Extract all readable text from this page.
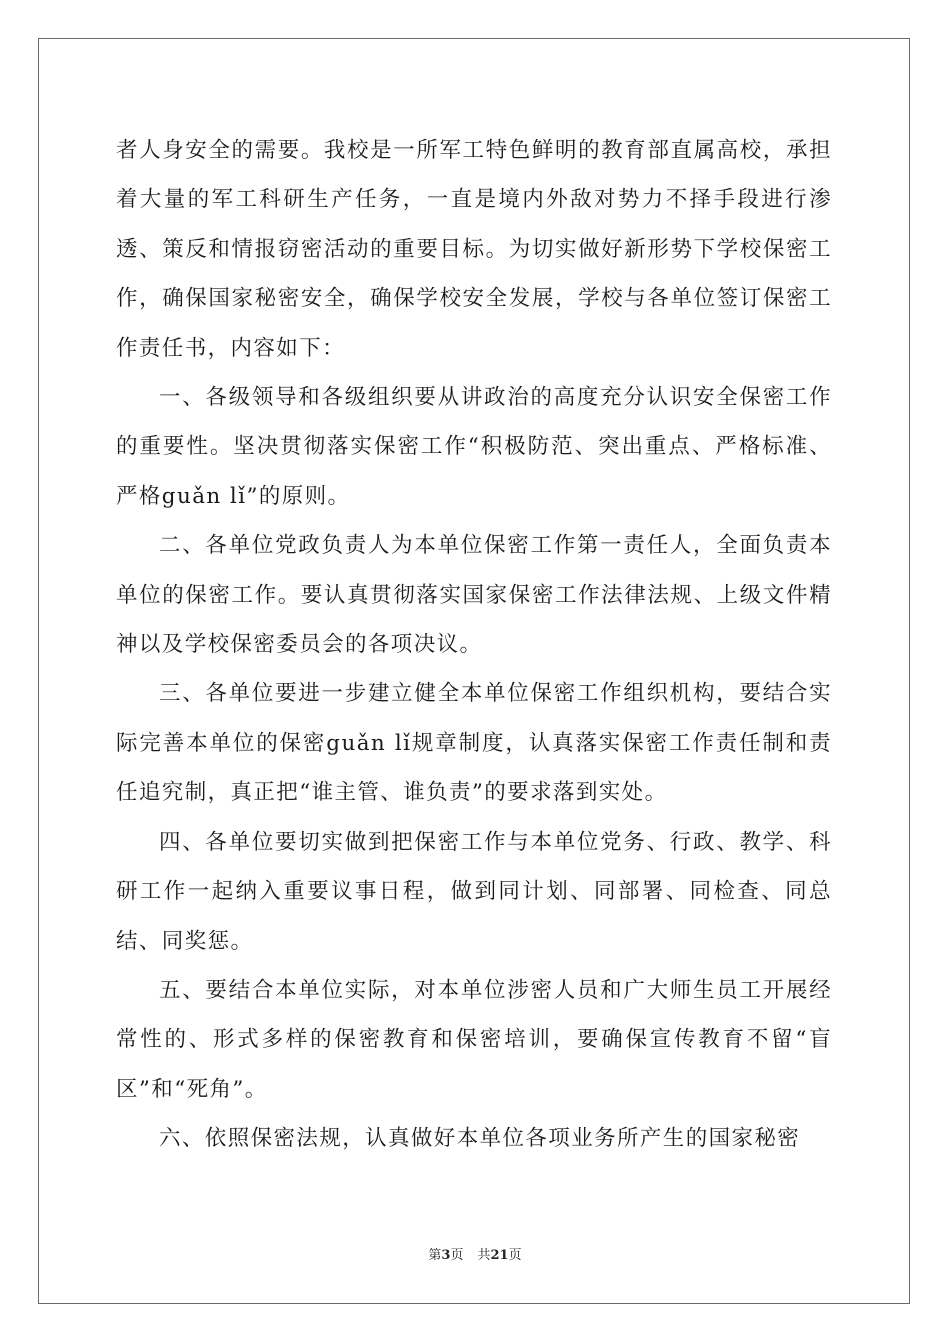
者人身安全的需要。我校是一所军工特色鲜明的教育部直属高校，承担着大量的军工科研生产任务，一直是境内外敌对势力不择手段进行渗透、策反和情报窃密活动的重要目标。为切实做好新形势下学校保密工作，确保国家秘密安全，确保学校安全发展，学校与各单位签订保密工作责任书，内容如下：

一、各级领导和各级组织要从讲政治的高度充分认识安全保密工作的重要性。坚决贯彻落实保密工作“积极防范、突出重点、严格标准、严格guǎn lǐ”的原则。

二、各单位党政负责人为本单位保密工作第一责任人，全面负责本单位的保密工作。要认真贯彻落实国家保密工作法律法规、上级文件精神以及学校保密委员会的各项决议。

三、各单位要进一步建立健全本单位保密工作组织机构，要结合实际完善本单位的保密guǎn lǐ规章制度，认真落实保密工作责任制和责任追究制，真正把“谁主管、谁负责”的要求落到实处。

四、各单位要切实做到把保密工作与本单位党务、行政、教学、科研工作一起纳入重要议事日程，做到同计划、同部署、同检查、同总结、同奖惩。

五、要结合本单位实际，对本单位涉密人员和广大师生员工开展经常性的、形式多样的保密教育和保密培训，要确保宣传教育不留“盲区”和“死角”。

六、依照保密法规，认真做好本单位各项业务所产生的国家秘密

第3页 共21页
